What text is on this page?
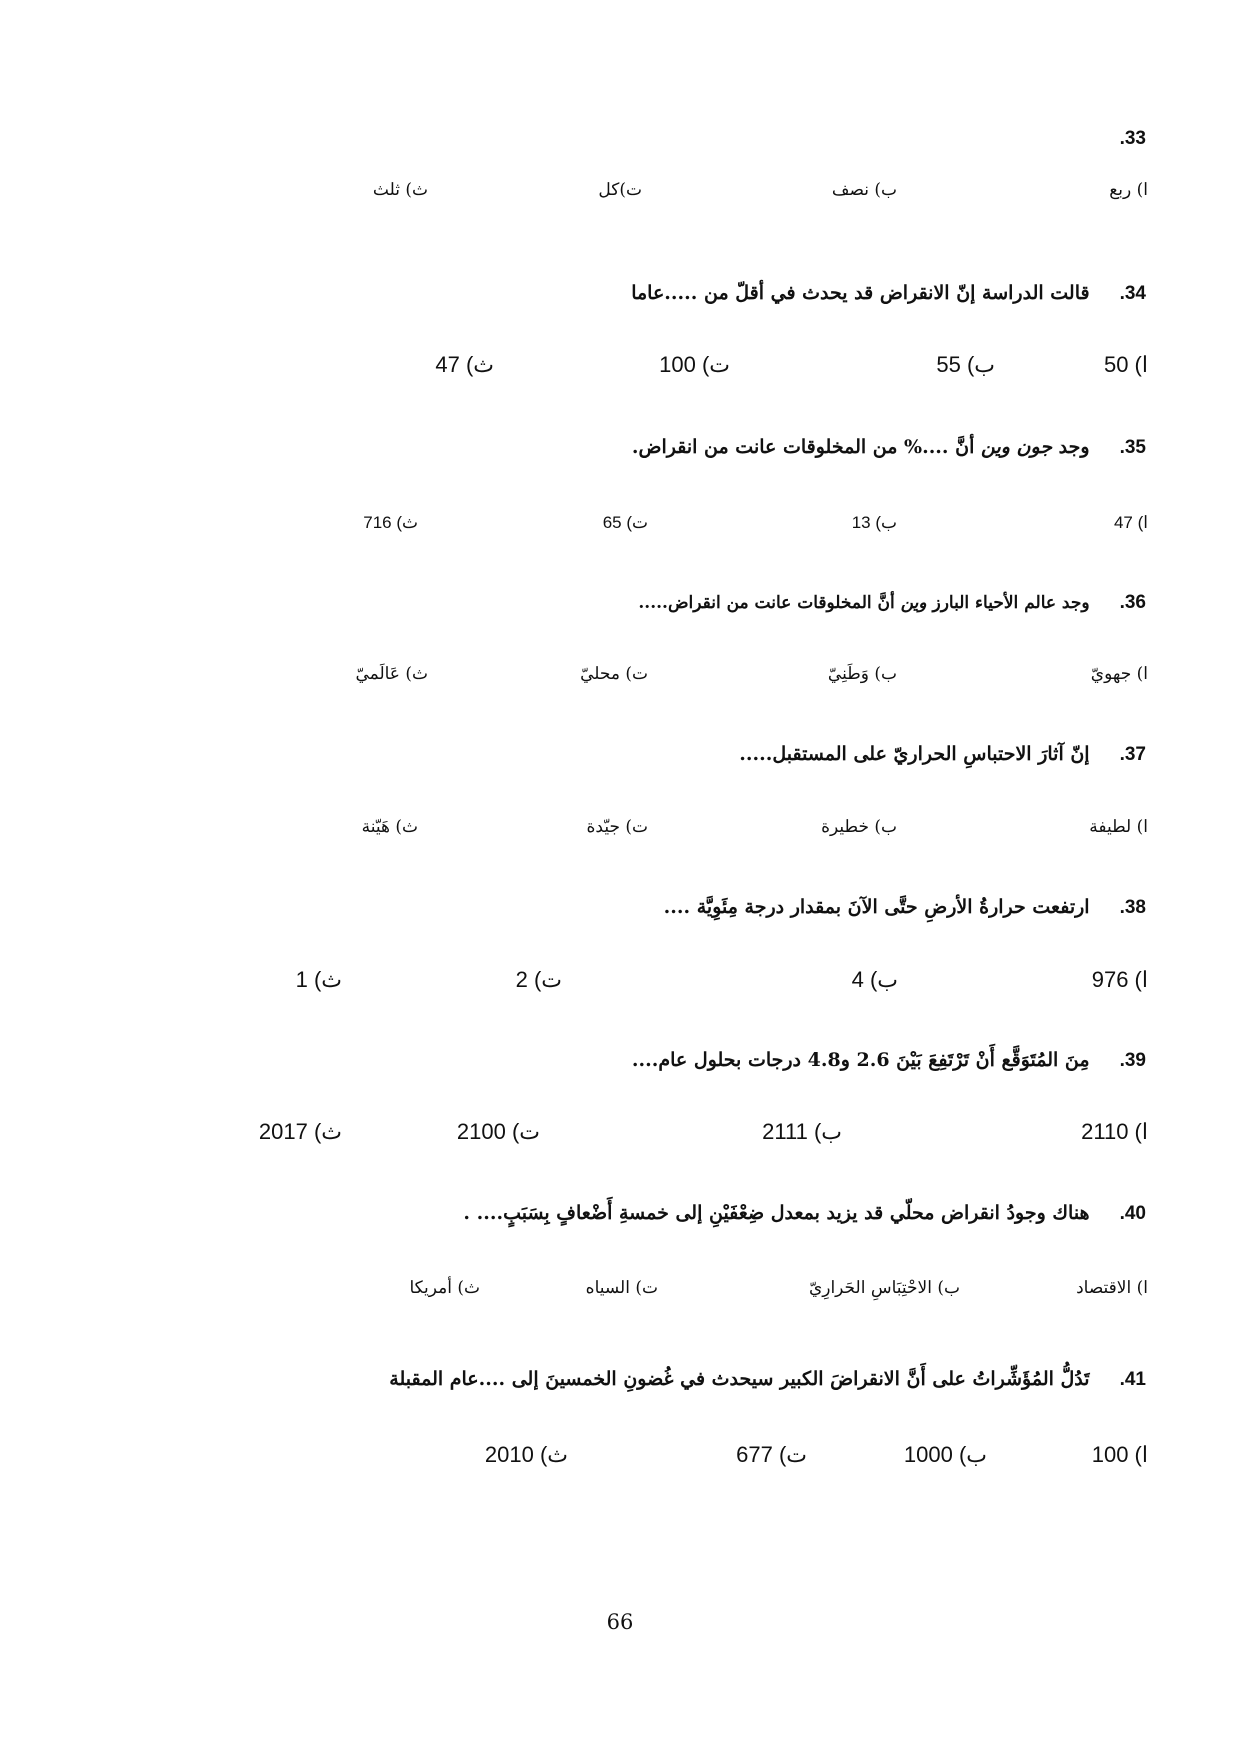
.33
ا) ربع
ب) نصف
ت)كل
ث) ثلث
.34قالت الدراسة إنّ الانقراض قد يحدث في أقلّ من .....عاما
ا) 50
ب) 55
ت) 100
ث) 47
.35وجد جون وين أنَّ ....% من المخلوقات عانت من انقراض.
ا) 47
ب) 13
ت) 65
ث) 716
.36وجد عالم الأحياء البارز وين أنَّ المخلوقات عانت من انقراض.....
ا) جهويّ
ب) وَطَنِيّ
ت) محليّ
ث) عَالَميّ
.37إنّ آثارَ الاحتباسِ الحراريّ على المستقبل.....
ا) لطيفة
ب) خطيرة
ت) جيّدة
ث) هَيّنة
.38ارتفعت حرارةُ الأرضِ حتَّى الآنَ بمقدار درجة مِئَوِيَّة ....
ا) 976
ب) 4
ت) 2
ث) 1
.39مِنَ المُتَوَقَّع أَنْ تَرْتَفِعَ بَيْنَ 2.6 و4.8 درجات بحلول عام....
ا) 2110
ب) 2111
ت) 2100
ث) 2017
.40هناك وجودُ انقراض محلّي قد يزيد بمعدل ضِعْفَيْنِ إلى خمسةِ أَضْعافٍ بِسَبَبٍ.... .
ا) الاقتصاد
ب) الاحْتِبَاسِ الحَرارِيّ
ت) السياه
ث) أمريكا
.41تَدُلُّ المُؤَشِّراتُ على أَنَّ الانقراضَ الكبير سيحدث في غُضونِ الخمسينَ إلى ....عام المقبلة
ا) 100
ب) 1000
ت) 677
ث) 2010
66
